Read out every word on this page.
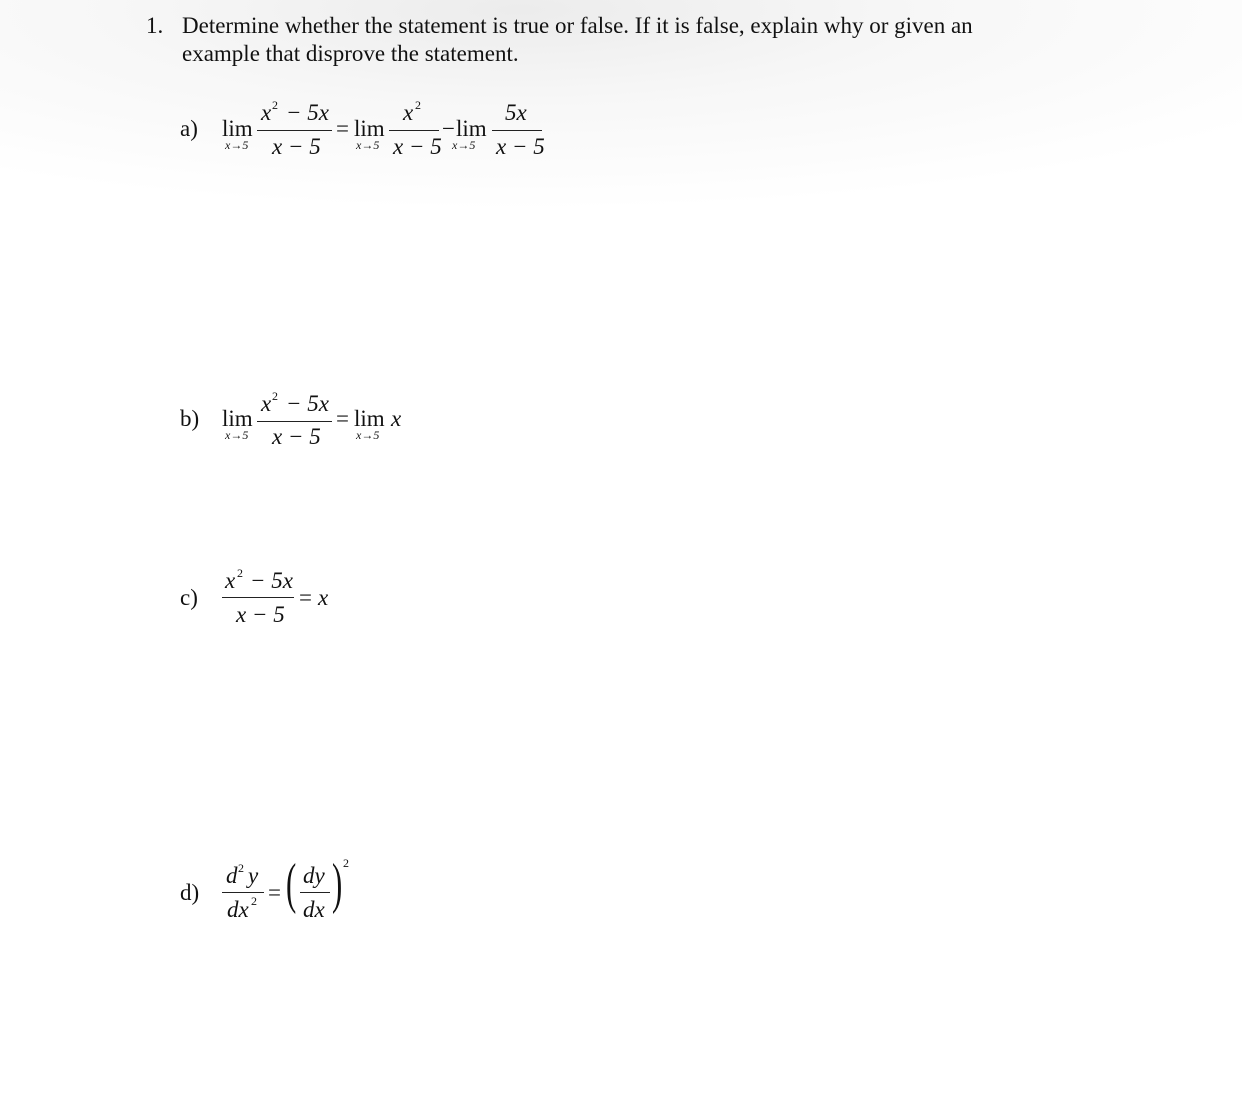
1. Determine whether the statement is true or false. If it is false, explain why or given an
example that disprove the statement.
a) lim
x→5
x 2 − 5x
x − 5
= lim
x→5
x 2
x − 5
− lim
x→5
5x
x − 5
b) lim
x→5
x 2 − 5x
x − 5
= lim x
x→5
c)
x 2 − 5x
x − 5
= x
d)
d 2 y
dx 2 = ( dy
dx ) 2
